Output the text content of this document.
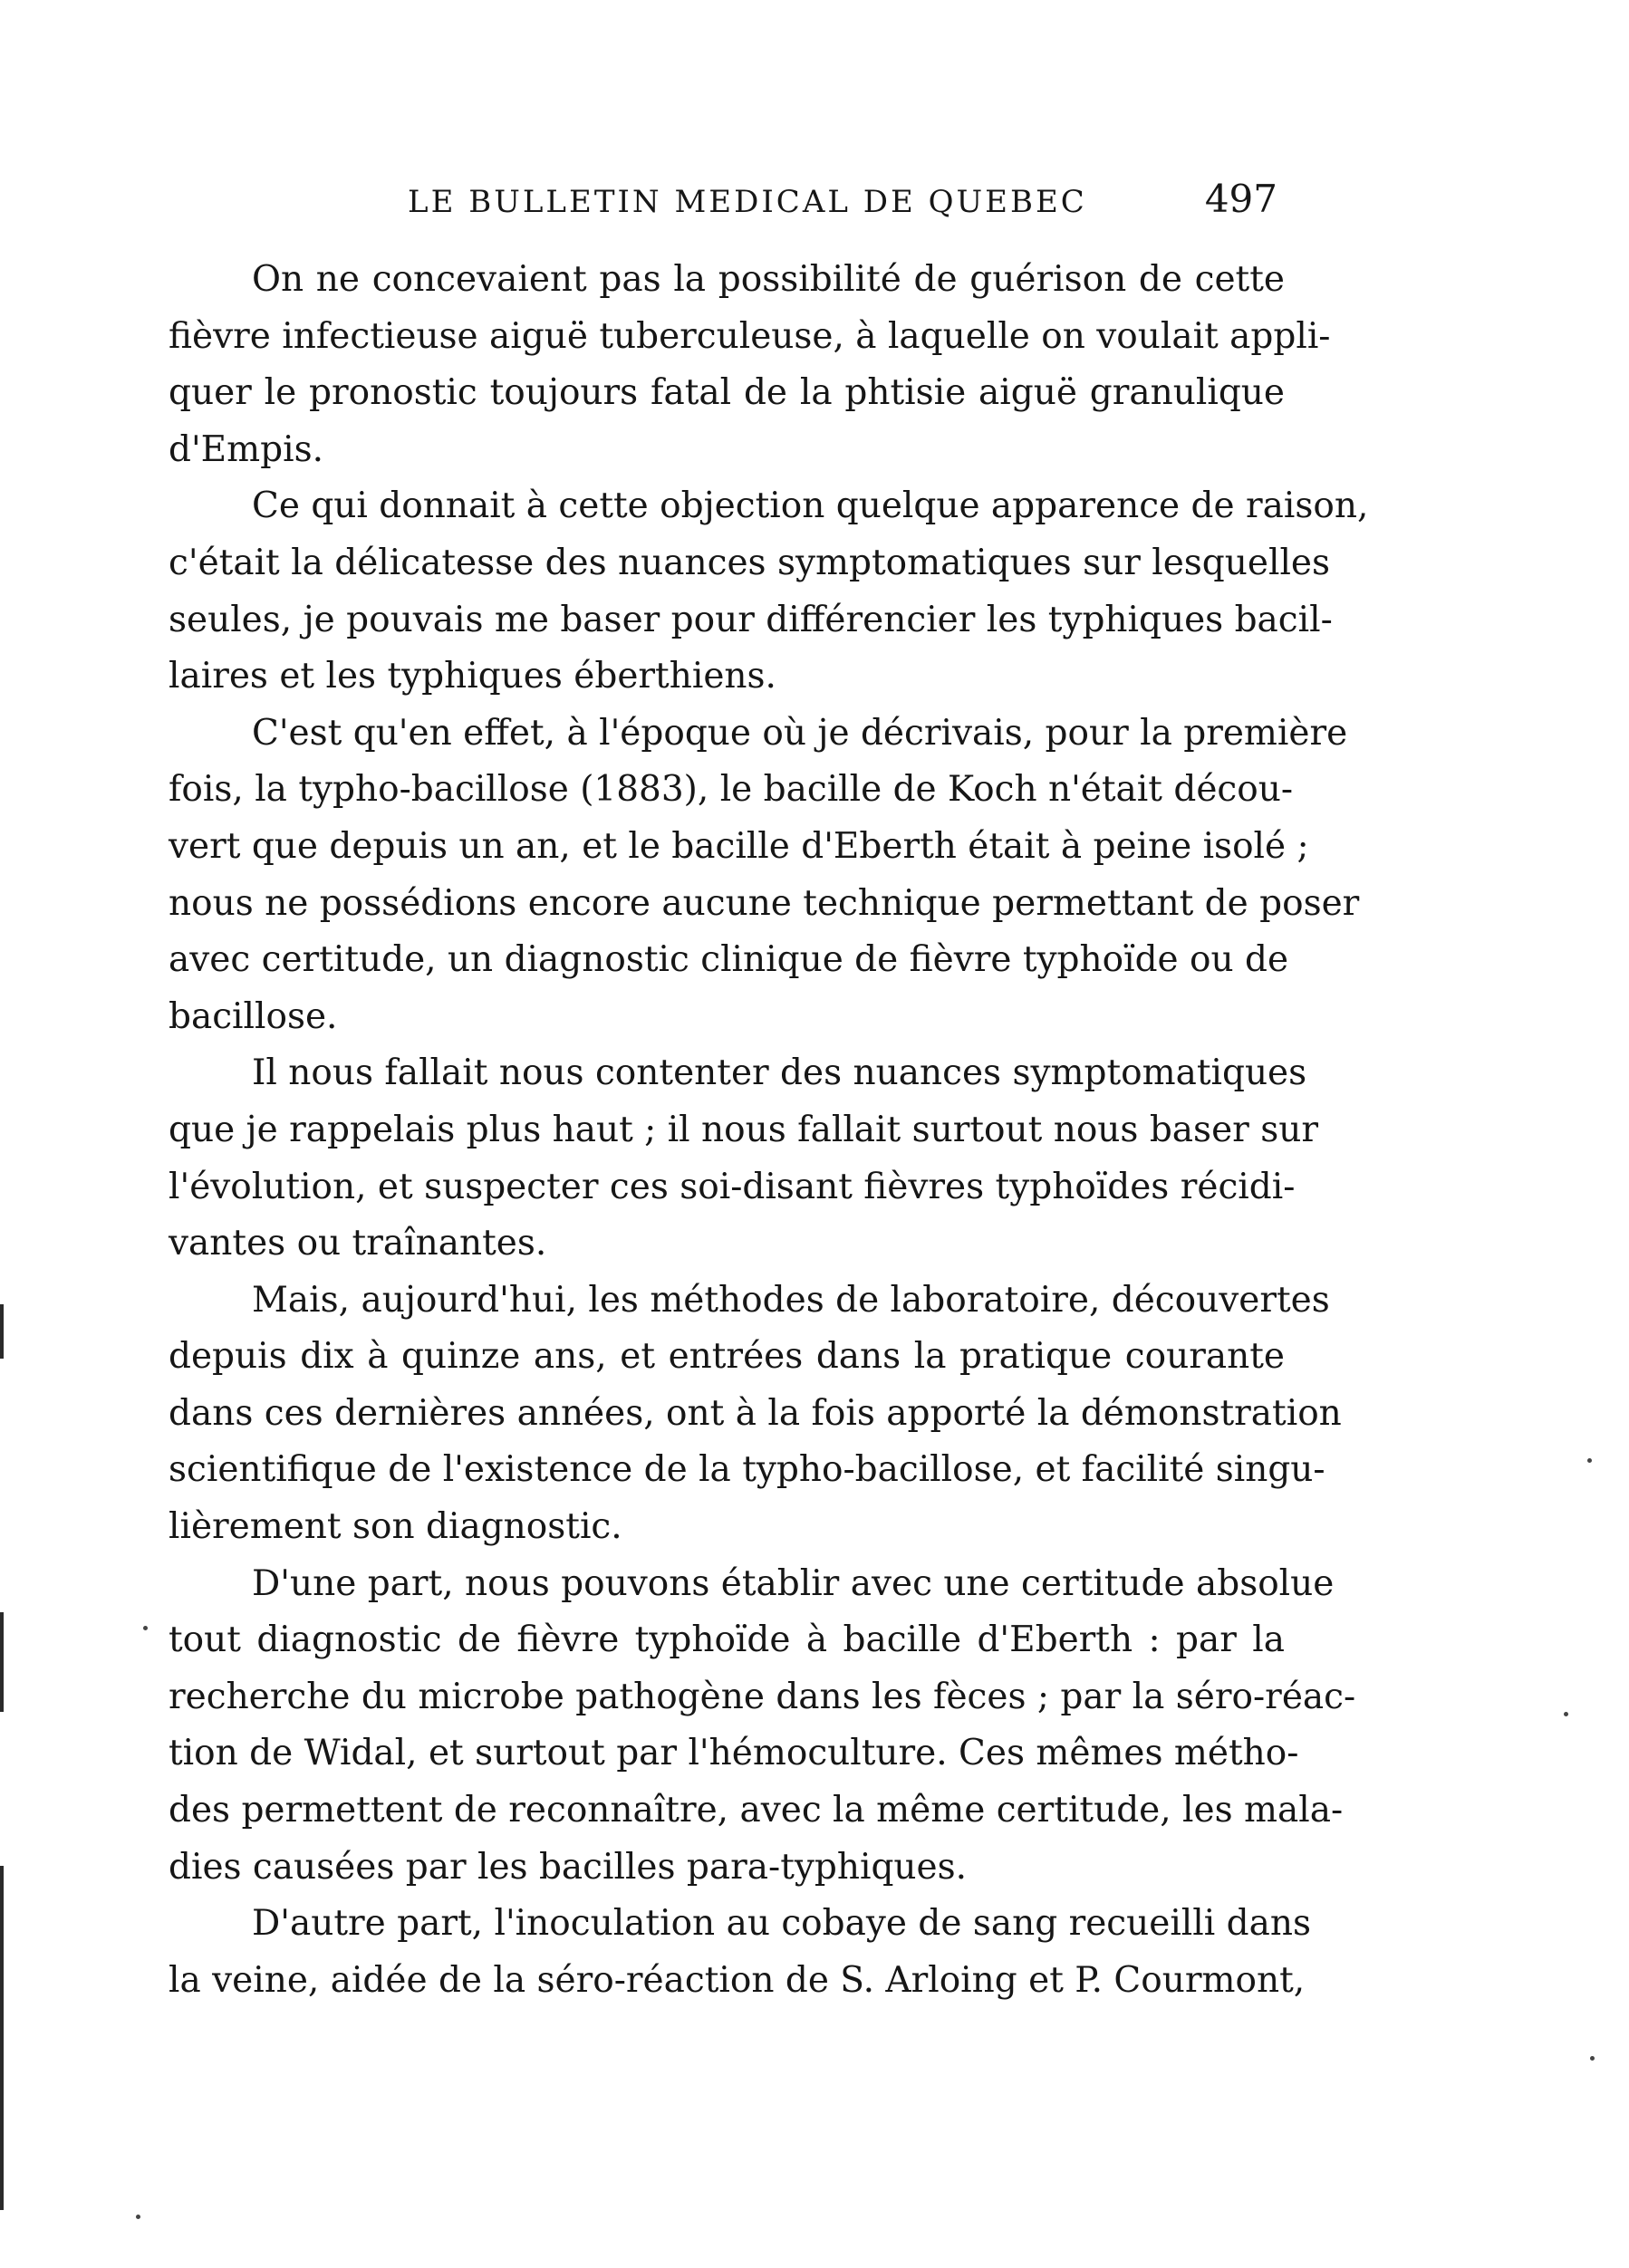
LE BULLETIN MEDICAL DE QUEBEC	497

On ne concevaient pas la possibilité de guérison de cette
fièvre infectieuse aiguë tuberculeuse, à laquelle on voulait appli-
quer le pronostic toujours fatal de la phtisie aiguë granulique
d'Empis.

Ce qui donnait à cette objection quelque apparence de raison,
c'était la délicatesse des nuances symptomatiques sur lesquelles
seules, je pouvais me baser pour différencier les typhiques bacil-
laires et les typhiques éberthiens.

C'est qu'en effet, à l'époque où je décrivais, pour la première
fois, la typho-bacillose (1883), le bacille de Koch n'était décou-
vert que depuis un an, et le bacille d'Eberth était à peine isolé ;
nous ne possédions encore aucune technique permettant de poser
avec certitude, un diagnostic clinique de fièvre typhoïde ou de
bacillose.

Il nous fallait nous contenter des nuances symptomatiques
que je rappelais plus haut ; il nous fallait surtout nous baser sur
l'évolution, et suspecter ces soi-disant fièvres typhoïdes récidi-
vantes ou traînantes.

Mais, aujourd'hui, les méthodes de laboratoire, découvertes
depuis dix à quinze ans, et entrées dans la pratique courante
dans ces dernières années, ont à la fois apporté la démonstration
scientifique de l'existence de la typho-bacillose, et facilité singu-
lièrement son diagnostic.

D'une part, nous pouvons établir avec une certitude absolue
tout diagnostic de fièvre typhoïde à bacille d'Eberth : par la
recherche du microbe pathogène dans les fèces ; par la séro-réac-
tion de Widal, et surtout par l'hémoculture. Ces mêmes métho-
des permettent de reconnaître, avec la même certitude, les mala-
dies causées par les bacilles para-typhiques.

D'autre part, l'inoculation au cobaye de sang recueilli dans
la veine, aidée de la séro-réaction de S. Arloing et P. Courmont,
